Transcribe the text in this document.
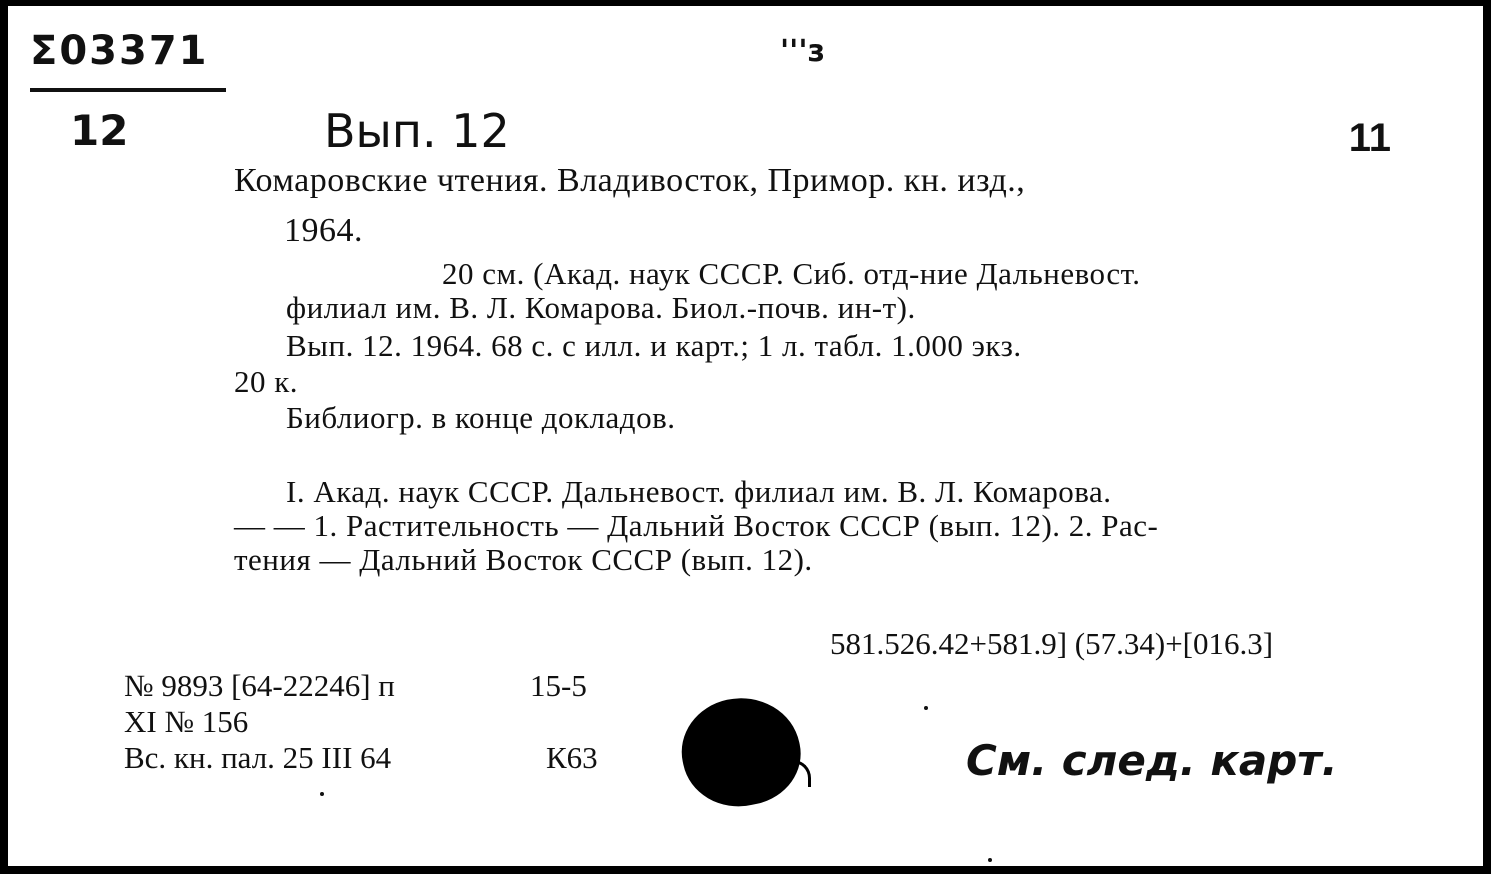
Σ03371
12
'''з
Вып. 12	11
Комаровские чтения. Владивосток, Примор. кн. изд.,
1964.
20 см. (Акад. наук СССР. Сиб. отд-ние Дальневост.
филиал им. В. Л. Комарова. Биол.-почв. ин-т).
Вып. 12. 1964. 68 с. с илл. и карт.; 1 л. табл. 1.000 экз.
20 к.
Библиогр. в конце докладов.
I. Акад. наук СССР. Дальневост. филиал им. В. Л. Комарова.
— — 1. Растительность — Дальний Восток СССР (вып. 12). 2. Рас-
тения — Дальний Восток СССР (вып. 12).
581.526.42+581.9] (57.34)+[016.3]
№ 9893 [64-22246] п	15-5
XI № 156
Вс. кн. пал. 25 III 64	К63	См. след. карт.
